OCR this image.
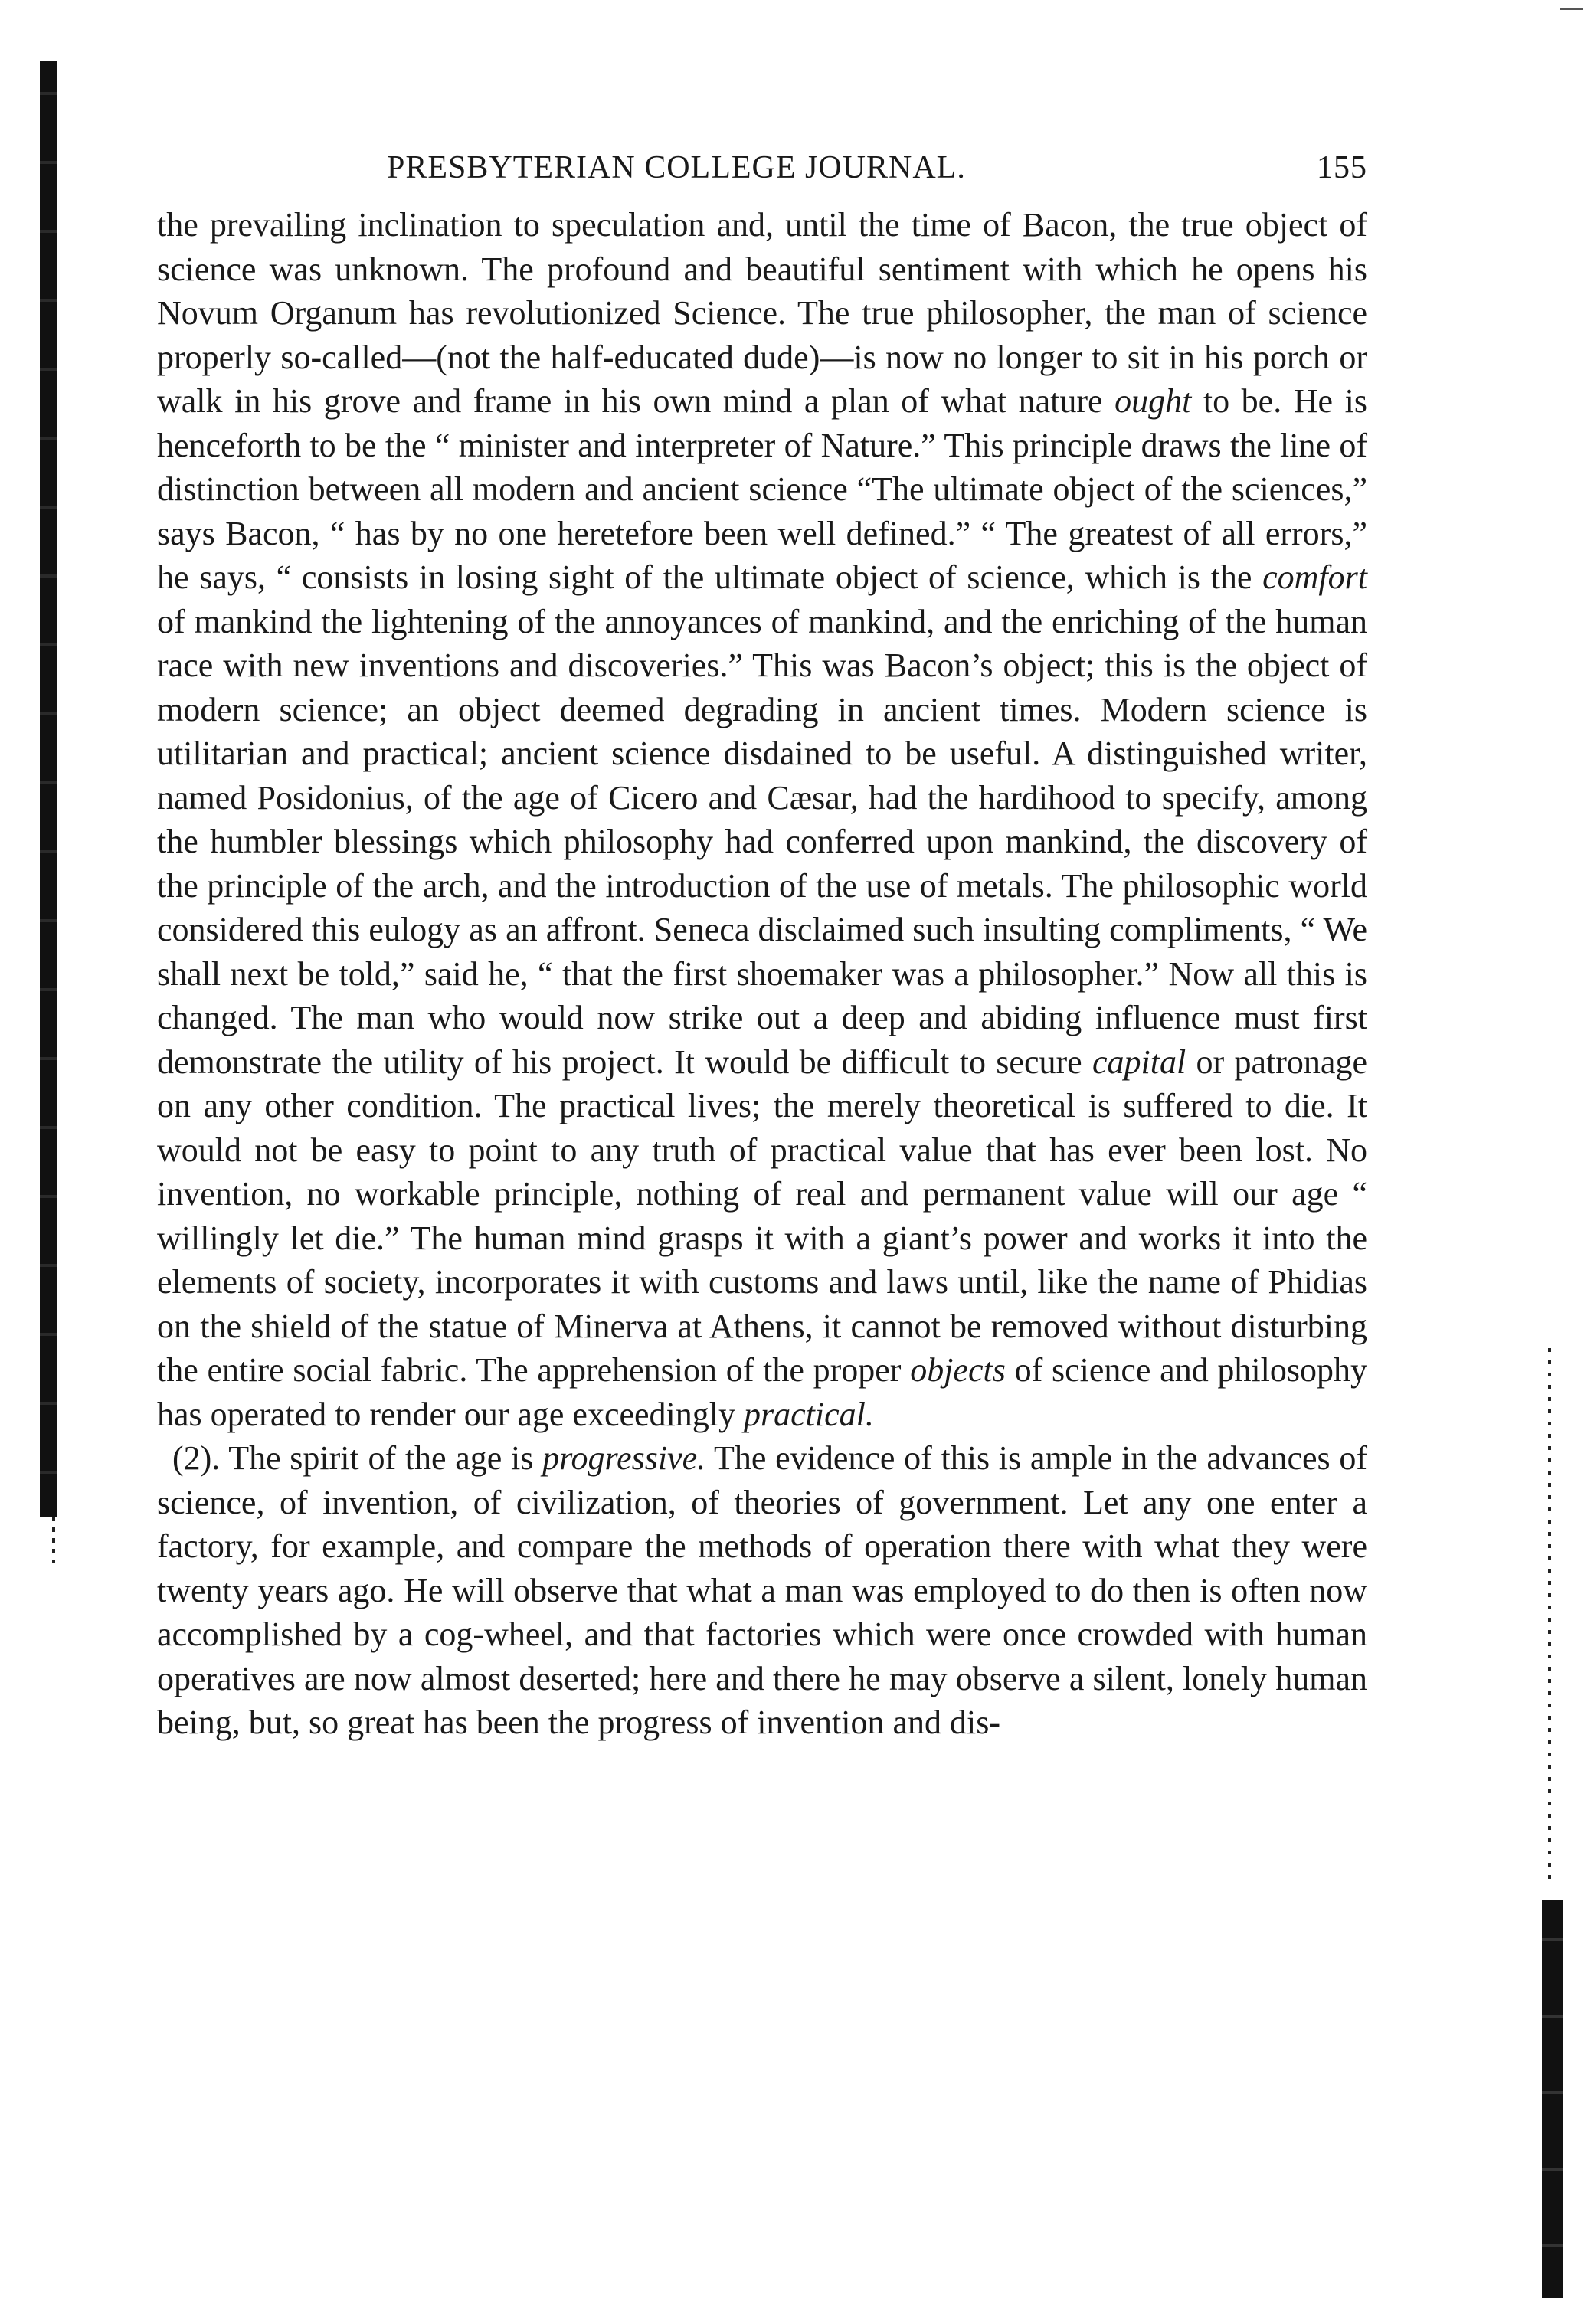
PRESBYTERIAN COLLEGE JOURNAL.	155

the prevailing inclination to speculation and, until the time of Bacon, the true object of science was unknown. The profound and beautiful sentiment with which he opens his Novum Organum has revolutionized Science. The true philosopher, the man of science properly so-called—(not the half-educated dude)—is now no longer to sit in his porch or walk in his grove and frame in his own mind a plan of what nature ought to be. He is henceforth to be the “ minister and interpreter of Nature.” This principle draws the line of distinction between all modern and ancient science “The ultimate object of the sciences,” says Bacon, “ has by no one heretefore been well defined.” “ The greatest of all errors,” he says, “ consists in losing sight of the ultimate object of science, which is the comfort of mankind the lightening of the annoyances of mankind, and the enriching of the human race with new inventions and discoveries.” This was Bacon’s object; this is the object of modern science; an object deemed degrading in ancient times. Modern science is utilitarian and practical; ancient science disdained to be useful. A distinguished writer, named Posidonius, of the age of Cicero and Cæsar, had the hardihood to specify, among the humbler blessings which philosophy had conferred upon mankind, the discovery of the principle of the arch, and the introduction of the use of metals. The philosophic world considered this eulogy as an affront. Seneca disclaimed such insulting compliments, “ We shall next be told,” said he, “ that the first shoemaker was a philosopher.” Now all this is changed. The man who would now strike out a deep and abiding influence must first demonstrate the utility of his project. It would be difficult to secure capital or patronage on any other condition. The practical lives; the merely theoretical is suffered to die. It would not be easy to point to any truth of practical value that has ever been lost. No invention, no workable principle, nothing of real and permanent value will our age “ willingly let die.” The human mind grasps it with a giant’s power and works it into the elements of society, incorporates it with customs and laws until, like the name of Phidias on the shield of the statue of Minerva at Athens, it cannot be removed without disturbing the entire social fabric. The apprehension of the proper objects of science and philosophy has operated to render our age exceedingly practical.

(2). The spirit of the age is progressive. The evidence of this is ample in the advances of science, of invention, of civilization, of theories of government. Let any one enter a factory, for example, and compare the methods of operation there with what they were twenty years ago. He will observe that what a man was employed to do then is often now accomplished by a cog-wheel, and that factories which were once crowded with human operatives are now almost deserted; here and there he may observe a silent, lonely human being, but, so great has been the progress of invention and dis-
